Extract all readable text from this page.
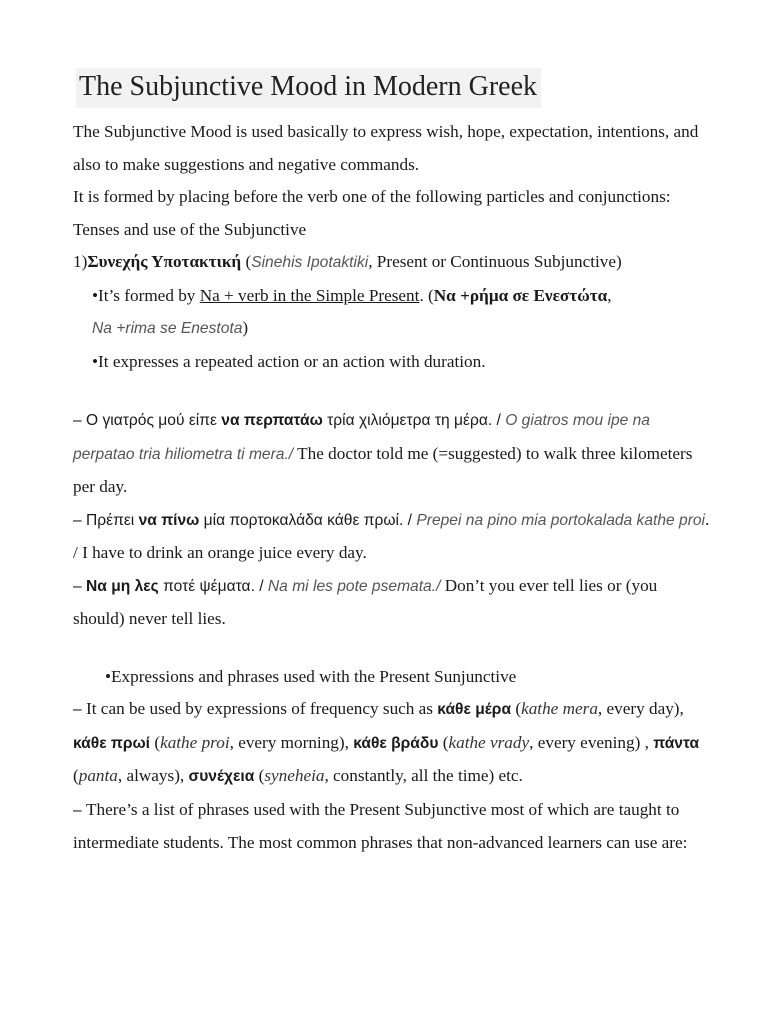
The Subjunctive Mood in Modern Greek

The Subjunctive Mood is used basically to express wish, hope, expectation, intentions, and also to make suggestions and negative commands.

It is formed by placing before the verb one of the following particles and conjunctions:

Tenses and use of the Subjunctive

1)Συνεχής Υποτακτική (Sinehis Ipotaktiki, Present or Continuous Subjunctive)

•It’s formed by Na + verb in the Simple Present. (Να +ρήμα σε Ενεστώτα,
Na +rima se Enestota)

•It expresses a repeated action or an action with duration.

– Ο γιατρός μού είπε να περπατάω τρία χιλιόμετρα τη μέρα. / O giatros mou ipe na perpatao tria hiliometra ti mera./ The doctor told me (=suggested) to walk three kilometers per day.

– Πρέπει να πίνω μία πορτοκαλάδα κάθε πρωί. / Prepei na pino mia portokalada kathe proi. / I have to drink an orange juice every day.

– Να μη λες ποτέ ψέματα. / Na mi les pote psemata./ Don’t you ever tell lies or (you should) never tell lies.

•Expressions and phrases used with the Present Sunjunctive

– It can be used by expressions of frequency such as κάθε μέρα (kathe mera, every day), κάθε πρωί (kathe proi, every morning), κάθε βράδυ (kathe vrady, every evening) , πάντα (panta, always), συνέχεια (syneheia, constantly, all the time) etc.

– There’s a list of phrases used with the Present Subjunctive most of which are taught to intermediate students. The most common phrases that non-advanced learners can use are:
